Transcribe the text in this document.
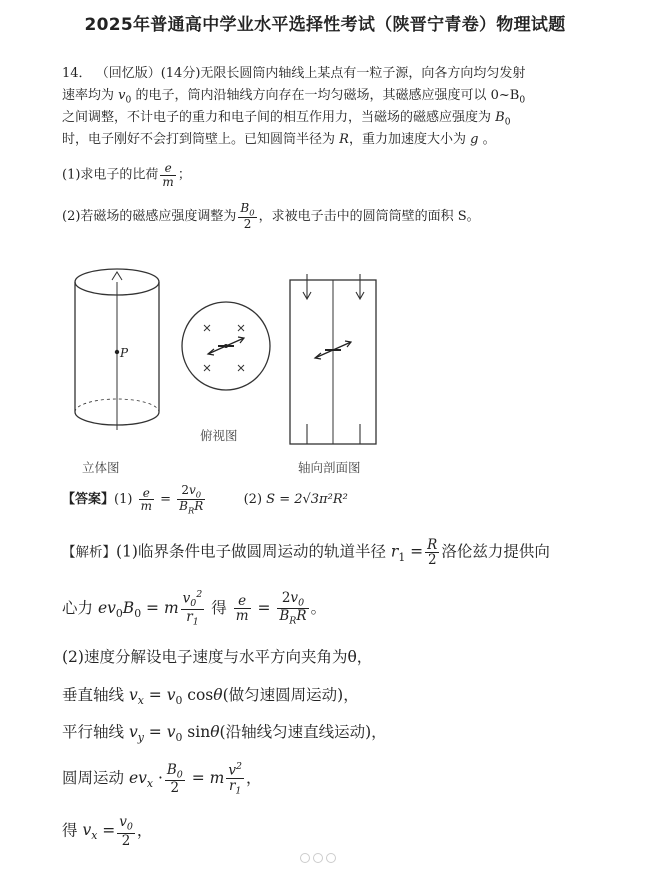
2025年普通高中学业水平选择性考试（陕晋宁青卷）物理试题
14． （回忆版）(14分)无限长圆筒内轴线上某点有一粒子源，向各方向均匀发射
速率均为 $v_0$ 的电子，筒内沿轴线方向存在一均匀磁场，其磁感应强度可以 $0\sim B_0$
之间调整，不计电子的重力和电子间的相互作用力，当磁场的磁感应强度为 $B_0$
时，电子刚好不会打到筒壁上。已知圆筒半径为 R，重力加速度大小为 g 。
(1)求电子的比荷 $\frac{e}{m}$ ；
(2)若磁场的磁感应强度调整为 $\frac{B_0}{2}$ ，求被电子击中的圆筒筒壁的面积 S。
P
俯视图
立体图	轴向剖面图
【答案】$(1) \frac{e}{m} = \frac{2v_0}{B_RR}$	(2) S = 2√3π²R²
【解析】(1)临界条件电子做圆周运动的轨道半径 $r_1 = \frac{R}{2}$ 洛伦兹力提供向
心力 $ev_0B_0 = m \frac{v_0^2}{r_1}$ 得 $\frac{e}{m} = \frac{2v_0}{B_RR}$ 。
(2)速度分解设电子速度与水平方向夹角为θ，
垂直轴线 $v_x = v_0$ cosθ(做匀速圆周运动)，
平行轴线 $v_y = v_0$ sinθ(沿轴线匀速直线运动)，
圆周运动 $ev_x \cdot \frac{B_0}{2} = m \frac{v^2}{r_1}$ ，
得 $v_x = \frac{v_0}{2}$ ，
